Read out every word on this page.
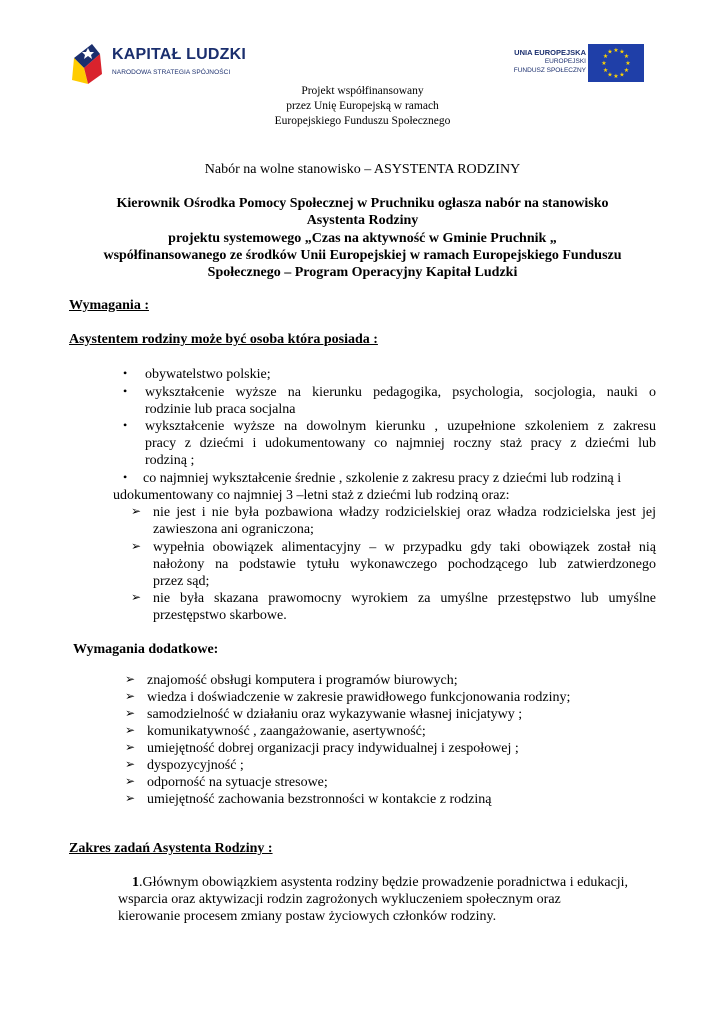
KAPITAŁ LUDZKI
NARODOWA STRATEGIA SPÓJNOŚCI
UNIA EUROPEJSKA
EUROPEJSKI
FUNDUSZ SPOŁECZNY
★ ★
★
★
★
★
★
★
★
★
★
★
Projekt współfinansowany
przez Unię Europejską w ramach
Europejskiego Funduszu Społecznego
Nabór na wolne stanowisko – ASYSTENTA RODZINY
Kierownik Ośrodka Pomocy Społecznej w Pruchniku ogłasza nabór na stanowisko
Asystenta Rodziny
projektu systemowego „Czas na aktywność w Gminie Pruchnik „
współfinansowanego ze środków Unii Europejskiej w ramach Europejskiego Funduszu
Społecznego – Program Operacyjny Kapitał Ludzki
Wymagania :
Asystentem rodziny może być osoba która posiada :
• obywatelstwo polskie;
• wykształcenie wyższe na kierunku pedagogika, psychologia, socjologia, nauki o
rodzinie lub praca socjalna
• wykształcenie wyższe na dowolnym kierunku , uzupełnione szkoleniem z zakresu
pracy z dziećmi i udokumentowany co najmniej roczny staż pracy z dziećmi lub
rodziną ;
• co najmniej wykształcenie średnie , szkolenie z zakresu pracy z dziećmi lub rodziną i
udokumentowany co najmniej 3 –letni staż z dziećmi lub rodziną oraz:
➢ nie jest i nie była pozbawiona władzy rodzicielskiej oraz władza rodzicielska jest jej
zawieszona ani ograniczona;
➢ wypełnia obowiązek alimentacyjny – w przypadku gdy taki obowiązek został nią
nałożony na podstawie tytułu wykonawczego pochodzącego lub zatwierdzonego
przez sąd;
➢ nie była skazana prawomocny wyrokiem za umyślne przestępstwo lub umyślne
przestępstwo skarbowe.
Wymagania dodatkowe:
➢ znajomość obsługi komputera i programów biurowych;
➢ wiedza i doświadczenie w zakresie prawidłowego funkcjonowania rodziny;
➢ samodzielność w działaniu oraz wykazywanie własnej inicjatywy ;
➢ komunikatywność , zaangażowanie, asertywność;
➢ umiejętność dobrej organizacji pracy indywidualnej i zespołowej ;
➢ dyspozycyjność ;
➢ odporność na sytuacje stresowe;
➢ umiejętność zachowania bezstronności w kontakcie z rodziną
Zakres zadań Asystenta Rodziny :
1.Głównym obowiązkiem asystenta rodziny będzie prowadzenie poradnictwa i edukacji,
wsparcia oraz aktywizacji rodzin zagrożonych wykluczeniem społecznym oraz
kierowanie procesem zmiany postaw życiowych członków rodziny.
